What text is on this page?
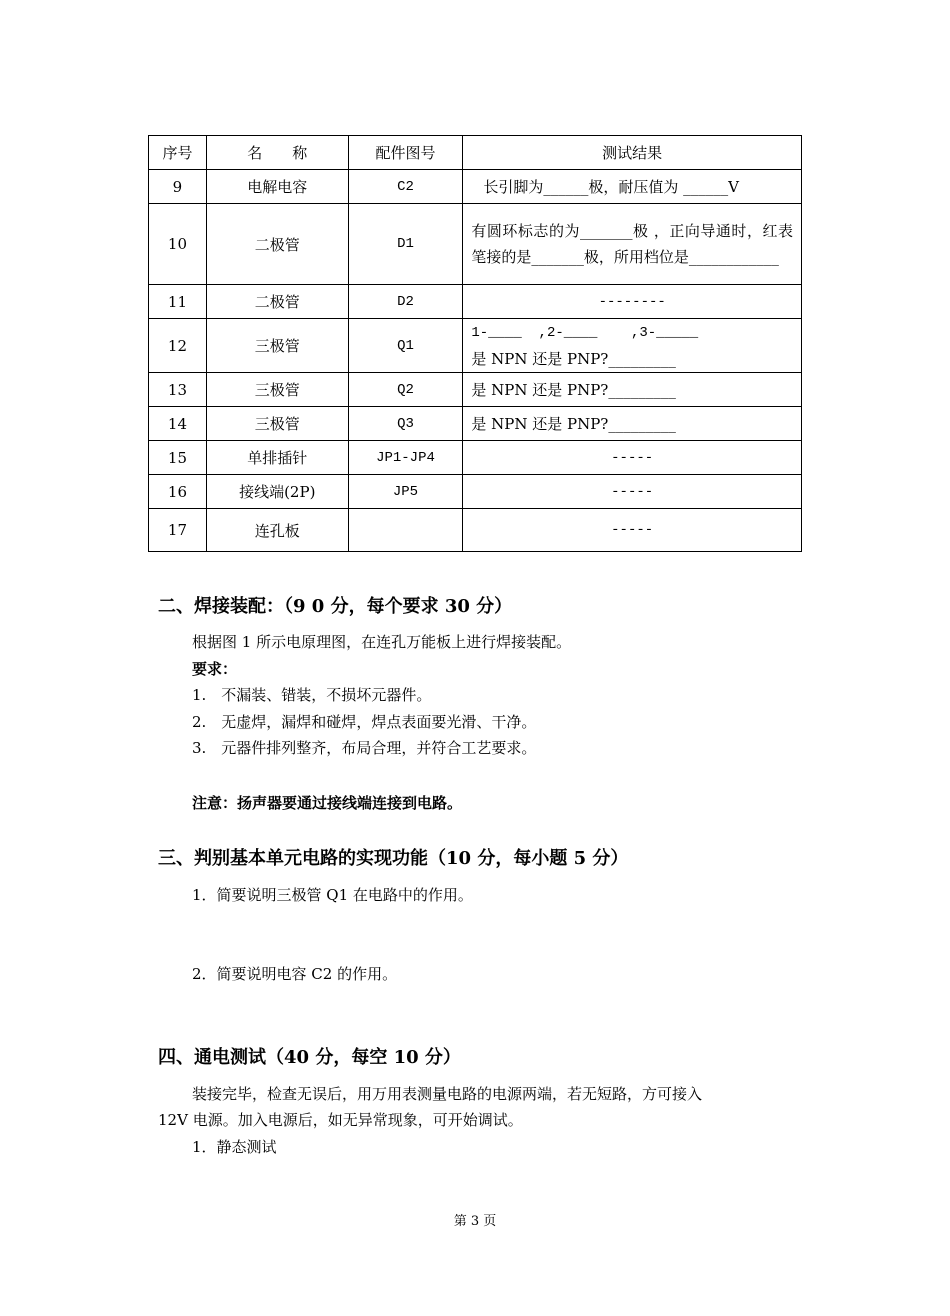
序号	名　　称	配件图号	测试结果
9	电解电容	C2	长引脚为______极，耐压值为 ______V
10	二极管	D1	有圆环标志的为_______极 ，正向导通时，红表笔接的是_______极，所用档位是____________
11	二极管	D2	--------
12	三极管	Q1	1-____  ,2-____    ,3-_____
是 NPN 还是 PNP?_________

13	三极管	Q2	是 NPN 还是 PNP?_________
14	三极管	Q3	是 NPN 还是 PNP?_________
15	单排插针	JP1-JP4	-----
16	接线端(2P)	JP5	-----
17	连孔板		-----
二、焊接装配：（9 0 分，每个要求 30 分）
根据图 1 所示电原理图，在连孔万能板上进行焊接装配。
要求：
1.　不漏装、错装，不损坏元器件。
2.　无虚焊，漏焊和碰焊，焊点表面要光滑、干净。
3.　元器件排列整齐，布局合理，并符合工艺要求。
注意：扬声器要通过接线端连接到电路。
三、判别基本单元电路的实现功能（10 分，每小题 5 分）
1．简要说明三极管 Q1 在电路中的作用。
2．简要说明电容 C2 的作用。
四、通电测试（40 分，每空 10 分）
装接完毕，检查无误后，用万用表测量电路的电源两端，若无短路，方可接入
12V 电源。加入电源后，如无异常现象，可开始调试。
1．静态测试
第 3 页
